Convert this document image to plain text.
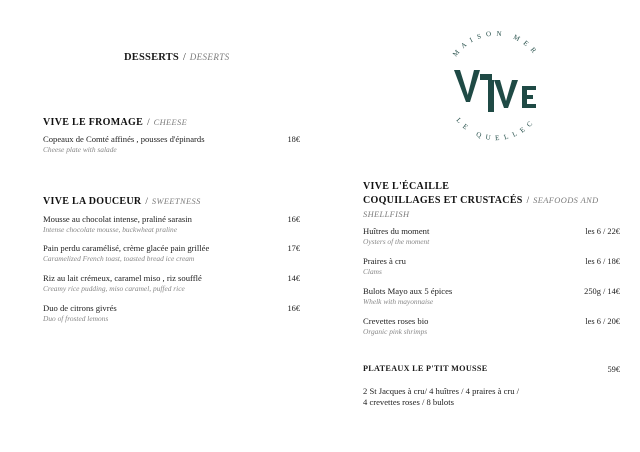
DESSERTS / DESERTS	MAISON MER
LE QUELLEC
VIVE LE FROMAGE / CHEESE
Copeaux de Comté affinés , pousses d'épinards
Cheese plate with salade
18€
VIVE LA DOUCEUR / SWEETNESS
Mousse au chocolat intense, praliné sarasin
Intense chocolate mousse, buckwheat praline
16€
Pain perdu caramélisé, crème glacée pain grillée
Caramelized French toast, toasted bread ice cream
17€
Riz au lait crémeux, caramel miso , riz soufflé
Creamy rice pudding, miso caramel, puffed rice
14€
Duo de citrons givrés
Duo of frosted lemons
16€
VIVE L'ÉCAILLE
COQUILLAGES ET CRUSTACÉS / SEAFOODS AND SHELLFISH
Huîtres du moment
Oysters of the moment
les 6 / 22€
Praires à cru
Clams
les 6 / 18€
Bulots Mayo aux 5 épices
Whelk with mayonnaise
250g / 14€
Crevettes roses bio
Organic pink shrimps
les 6 / 20€
PLATEAUX LE P'TIT MOUSSE	59€
2 St Jacques à cru/ 4 huîtres / 4 praires à cru /
4 crevettes roses / 8 bulots
